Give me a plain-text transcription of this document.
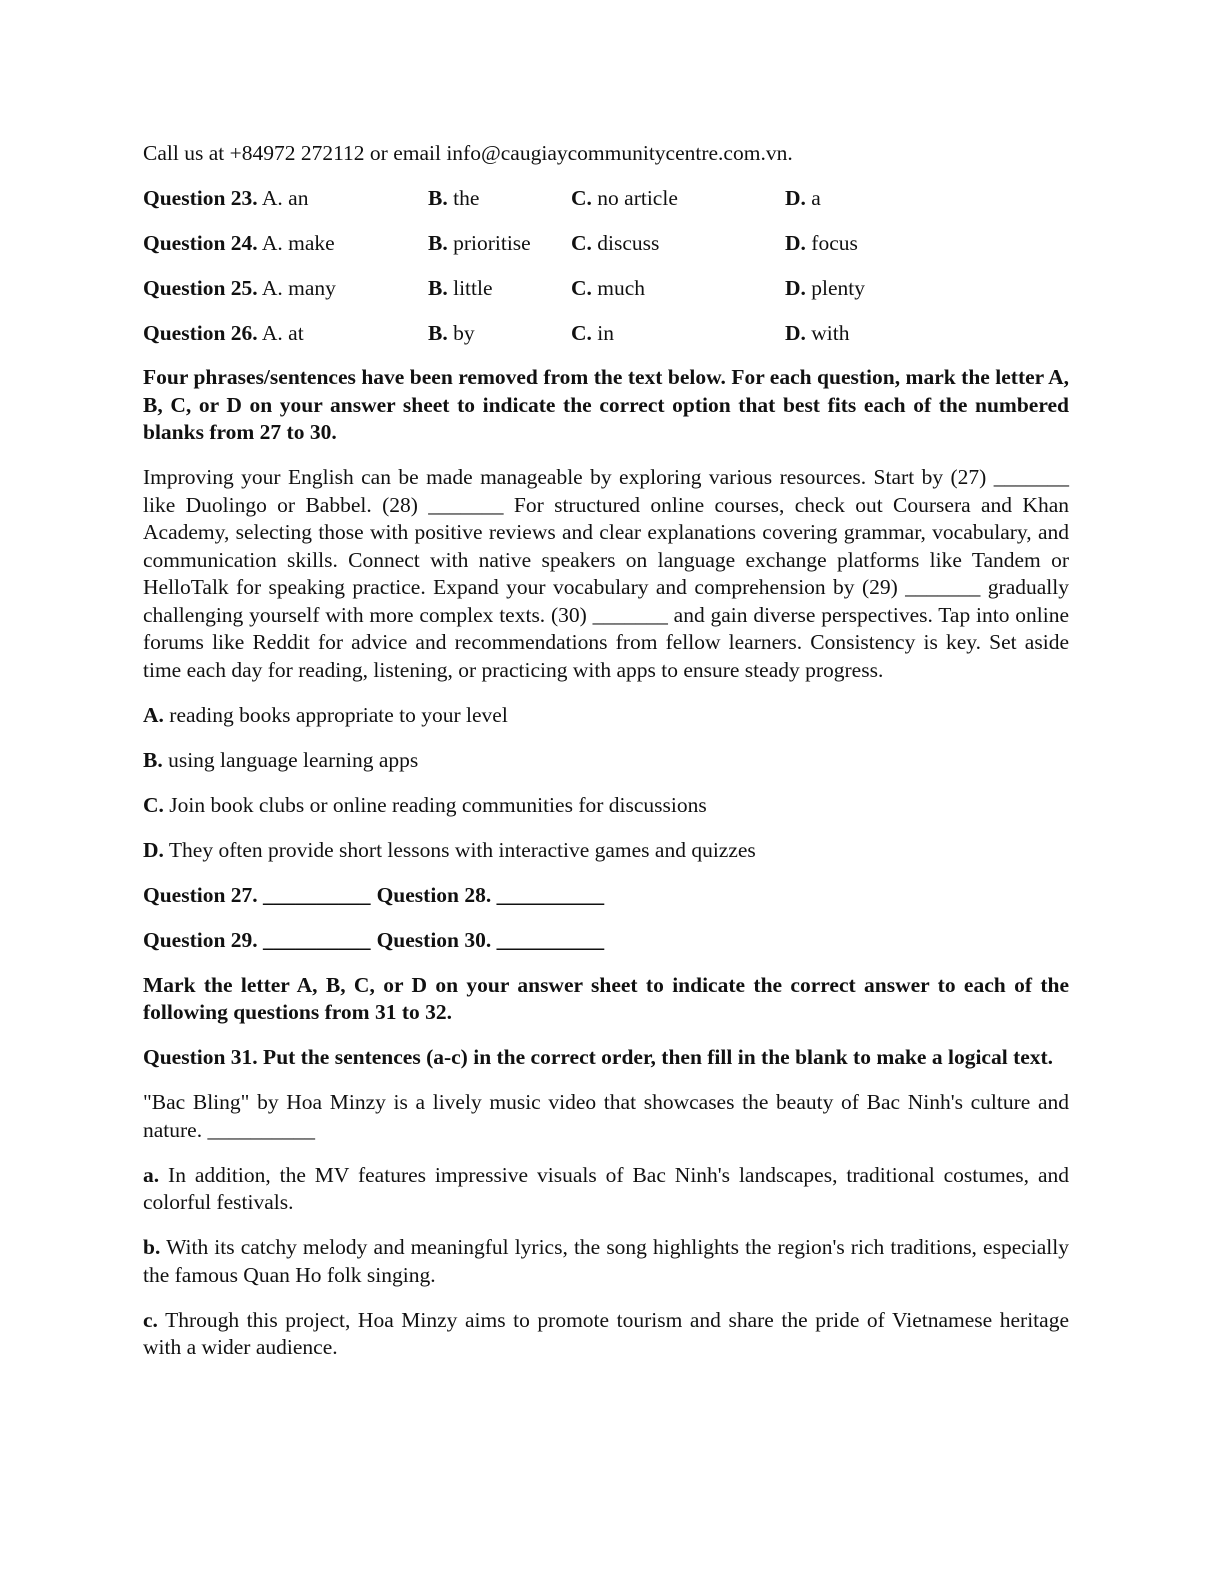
Call us at +84972 272112 or email info@caugiaycommunitycentre.com.vn.
Question 23. A. an	B. the	C. no article	D. a
Question 24. A. make	B. prioritise C. discuss	D. focus
Question 25. A. many	B. little	C. much	D. plenty
Question 26. A. at	B. by	C. in	D. with

Four phrases/sentences have been removed from the text below. For each question, mark the letter A, B, C, or D on your answer sheet to indicate the correct option that best fits each of the numbered blanks from 27 to 30.

Improving your English can be made manageable by exploring various resources. Start by (27) _______ like Duolingo or Babbel. (28) _______ For structured online courses, check out Coursera and Khan Academy, selecting those with positive reviews and clear explanations covering grammar, vocabulary, and communication skills. Connect with native speakers on language exchange platforms like Tandem or HelloTalk for speaking practice. Expand your vocabulary and comprehension by (29) _______ gradually challenging yourself with more complex texts. (30) _______ and gain diverse perspectives. Tap into online forums like Reddit for advice and recommendations from fellow learners. Consistency is key. Set aside time each day for reading, listening, or practicing with apps to ensure steady progress.

A. reading books appropriate to your level

B. using language learning apps

C. Join book clubs or online reading communities for discussions

D. They often provide short lessons with interactive games and quizzes

Question 27. __________ Question 28. __________
Question 29. __________ Question 30. __________

Mark the letter A, B, C, or D on your answer sheet to indicate the correct answer to each of the following questions from 31 to 32.

Question 31. Put the sentences (a-c) in the correct order, then fill in the blank to make a logical text.

"Bac Bling" by Hoa Minzy is a lively music video that showcases the beauty of Bac Ninh's culture and nature. __________

a. In addition, the MV features impressive visuals of Bac Ninh's landscapes, traditional costumes, and colorful festivals.

b. With its catchy melody and meaningful lyrics, the song highlights the region's rich traditions, especially the famous Quan Ho folk singing.

c. Through this project, Hoa Minzy aims to promote tourism and share the pride of Vietnamese heritage with a wider audience.
